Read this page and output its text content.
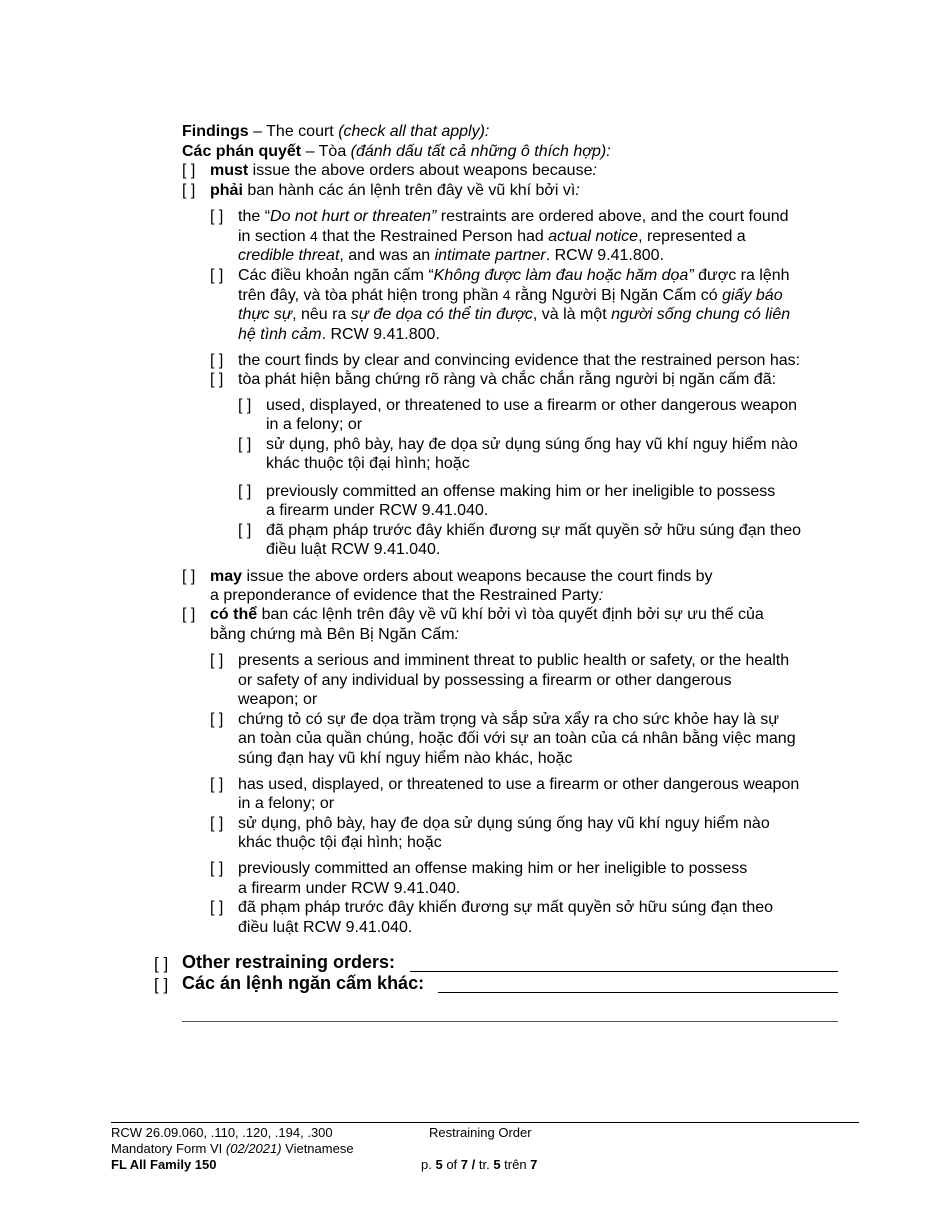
Findings – The court (check all that apply):
Các phán quyết – Tòa (đánh dấu tất cả những ô thích hợp):
[ ] must issue the above orders about weapons because:
[ ] phải ban hành các án lệnh trên đây về vũ khí bởi vì:
[ ] the “Do not hurt or threaten” restraints are ordered above, and the court found
in section 4 that the Restrained Person had actual notice, represented a
credible threat, and was an intimate partner. RCW 9.41.800.
[ ] Các điều khoản ngăn cấm “Không được làm đau hoặc hăm dọa” được ra lệnh
trên đây, và tòa phát hiện trong phần 4 rằng Người Bị Ngăn Cấm có giấy báo
thực sự, nêu ra sự đe dọa có thể tin được, và là một người sống chung có liên
hệ tình cảm. RCW 9.41.800.
[ ] the court finds by clear and convincing evidence that the restrained person has:
[ ] tòa phát hiện bằng chứng rõ ràng và chắc chắn rằng người bị ngăn cấm đã:
[ ] used, displayed, or threatened to use a firearm or other dangerous weapon
in a felony; or
[ ] sử dụng, phô bày, hay đe dọa sử dụng súng ống hay vũ khí nguy hiểm nào
khác thuộc tội đại hình; hoặc
[ ] previously committed an offense making him or her ineligible to possess
a firearm under RCW 9.41.040.
[ ] đã phạm pháp trước đây khiến đương sự mất quyền sở hữu súng đạn theo
điều luật RCW 9.41.040.
[ ] may issue the above orders about weapons because the court finds by
a preponderance of evidence that the Restrained Party:
[ ] có thể ban các lệnh trên đây về vũ khí bởi vì tòa quyết định bởi sự ưu thế của
bằng chứng mà Bên Bị Ngăn Cấm:
[ ] presents a serious and imminent threat to public health or safety, or the health
or safety of any individual by possessing a firearm or other dangerous
weapon; or
[ ] chứng tỏ có sự đe dọa trầm trọng và sắp sửa xẩy ra cho sức khỏe hay là sự
an toàn của quần chúng, hoặc đối với sự an toàn của cá nhân bằng việc mang
súng đạn hay vũ khí nguy hiểm nào khác, hoặc
[ ] has used, displayed, or threatened to use a firearm or other dangerous weapon
in a felony; or
[ ] sử dụng, phô bày, hay đe dọa sử dụng súng ống hay vũ khí nguy hiểm nào
khác thuộc tội đại hình; hoặc
[ ] previously committed an offense making him or her ineligible to possess
a firearm under RCW 9.41.040.
[ ] đã phạm pháp trước đây khiến đương sự mất quyền sở hữu súng đạn theo
điều luật RCW 9.41.040.
[ ] Other restraining orders:
[ ] Các án lệnh ngăn cấm khác:
RCW 26.09.060, .110, .120, .194, .300
Mandatory Form VI (02/2021) Vietnamese
FL All Family 150
Restraining Order
p. 5 of 7 / tr. 5 trên 7
